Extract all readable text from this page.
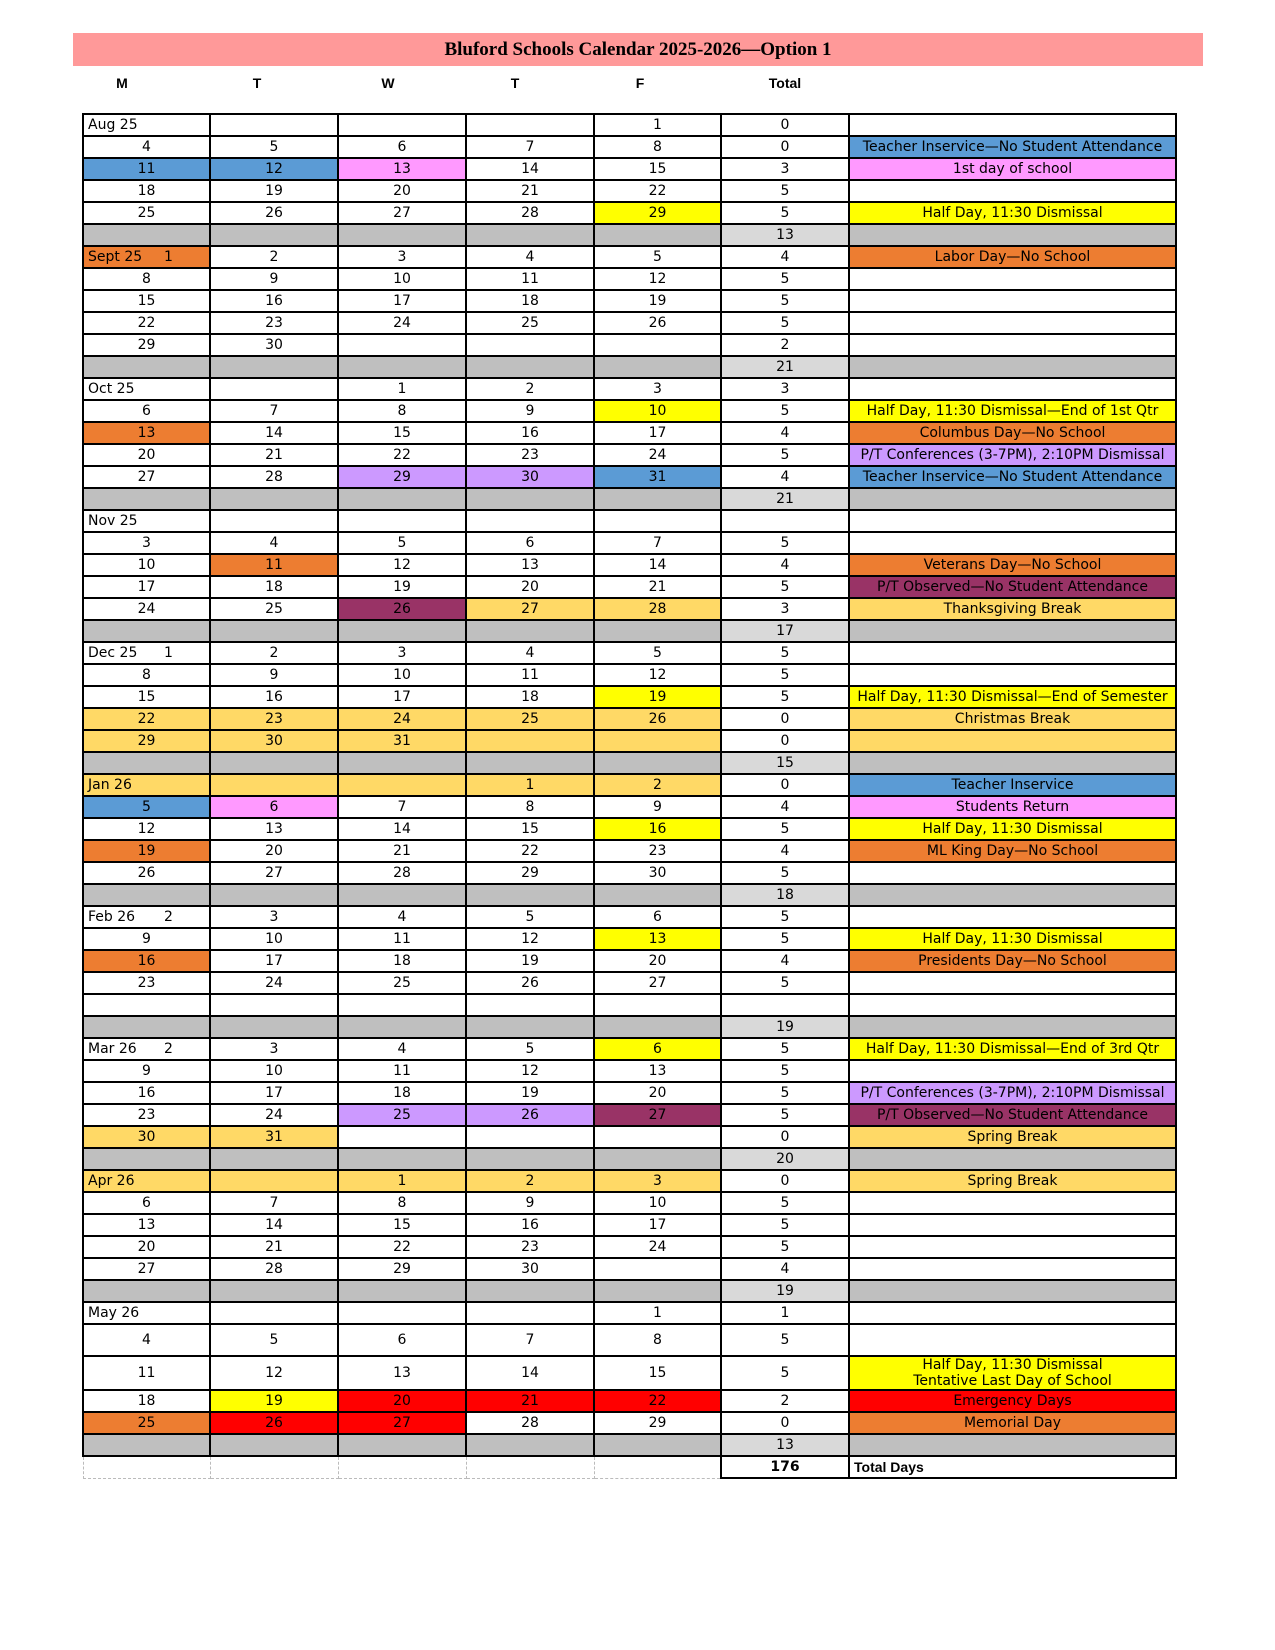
Bluford Schools Calendar 2025-2026—Option 1
M	T	W	T	F	Total
Aug 25				1	0	
4	5	6	7	8	0	Teacher Inservice—No Student Attendance
11	12	13	14	15	3	1st day of school
18	19	20	21	22	5	
25	26	27	28	29	5	Half Day, 11:30 Dismissal
					13	

Sept 25 1	2	3	4	5	4	Labor Day—No School
8	9	10	11	12	5	
15	16	17	18	19	5	
22	23	24	25	26	5	
29	30				2	
					21	

Oct 25		1	2	3	3	
6	7	8	9	10	5	Half Day, 11:30 Dismissal—End of 1st Qtr
13	14	15	16	17	4	Columbus Day—No School
20	21	22	23	24	5	P/T Conferences (3-7PM), 2:10PM Dismissal
27	28	29	30	31	4	Teacher Inservice—No Student Attendance
					21	

Nov 25						

3	4	5	6	7	5	
10	11	12	13	14	4	Veterans Day—No School
17	18	19	20	21	5	P/T Observed—No Student Attendance
24	25	26	27	28	3	Thanksgiving Break
					17	

Dec 25 1	2	3	4	5	5	
8	9	10	11	12	5	
15	16	17	18	19	5	Half Day, 11:30 Dismissal—End of Semester
22	23	24	25	26	0	Christmas Break
29	30	31			0	
					15	

Jan 26			1	2	0	Teacher Inservice
5	6	7	8	9	4	Students Return
12	13	14	15	16	5	Half Day, 11:30 Dismissal
19	20	21	22	23	4	ML King Day—No School
26	27	28	29	30	5	
					18	

Feb 26 2	3	4	5	6	5	
9	10	11	12	13	5	Half Day, 11:30 Dismissal
16	17	18	19	20	4	Presidents Day—No School
23	24	25	26	27	5	

					19	

Mar 26 2	3	4	5	6	5	Half Day, 11:30 Dismissal—End of 3rd Qtr
9	10	11	12	13	5	
16	17	18	19	20	5	P/T Conferences (3-7PM), 2:10PM Dismissal
23	24	25	26	27	5	P/T Observed—No Student Attendance
30	31				0	Spring Break
					20	

Apr 26		1	2	3	0	Spring Break
6	7	8	9	10	5	
13	14	15	16	17	5	
20	21	22	23	24	5	
27	28	29	30		4	
					19	

May 26				1	1	
4	5	6	7	8	5	
11	12	13	14	15	5	Half Day, 11:30 Dismissal
Tentative Last Day of School

18	19	20	21	22	2	Emergency Days
25	26	27	28	29	0	Memorial Day
					13	
					176	Total Days
